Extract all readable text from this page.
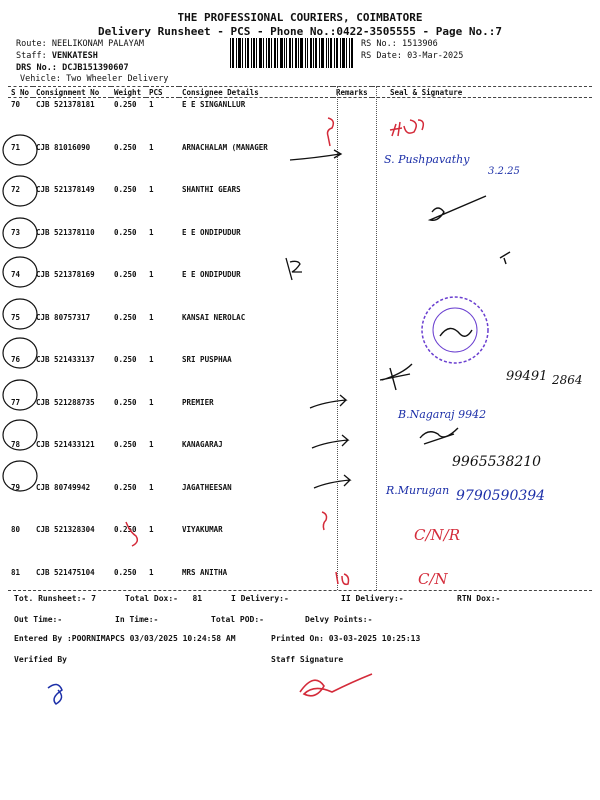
THE PROFESSIONAL COURIERS, COIMBATORE
Delivery Runsheet - PCS - Phone No.:0422-3505555 - Page No.:7
Route: NEELIKONAM PALAYAM
Staff: VENKATESH
DRS No.: DCJB151390607
Vehicle: Two Wheeler Delivery
RS No.: 1513906
RS Date: 03-Mar-2025
S No	Consignment No	Weight	PCS	Consignee Details	Remarks	Seal & Signature
70	CJB 521378181	0.250	1	E E SINGANLLUR		
71	CJB 81016090	0.250	1	ARNACHALAM (MANAGER		
72	CJB 521378149	0.250	1	SHANTHI GEARS		
73	CJB 521378110	0.250	1	E E ONDIPUDUR		
74	CJB 521378169	0.250	1	E E ONDIPUDUR		
75	CJB 80757317	0.250	1	KANSAI NEROLAC		
76	CJB 521433137	0.250	1	SRI PUSPHAA		
77	CJB 521288735	0.250	1	PREMIER		
78	CJB 521433121	0.250	1	KANAGARAJ		
79	CJB 80749942	0.250	1	JAGATHEESAN		
80	CJB 521328304	0.250	1	VIYAKUMAR		
81	CJB 521475104	0.250	1	MRS ANITHA		
Tot. Runsheet:- 7	Total Dox:- 81	I Delivery:-	II Delivery:-	RTN Dox:-
Out Time:-	In Time:-	Total POD:-	Delvy Points:-
Entered By :POORNIMAPCS 03/03/2025 10:24:58 AM	Printed On: 03-03-2025 10:25:13
Verified By	Staff Signature
S. Pushpavathy
3.2.25
B.Nagaraj 9942
R.Murugan 9790590394
99491 2864
9965538210
C/N/R
C/N
